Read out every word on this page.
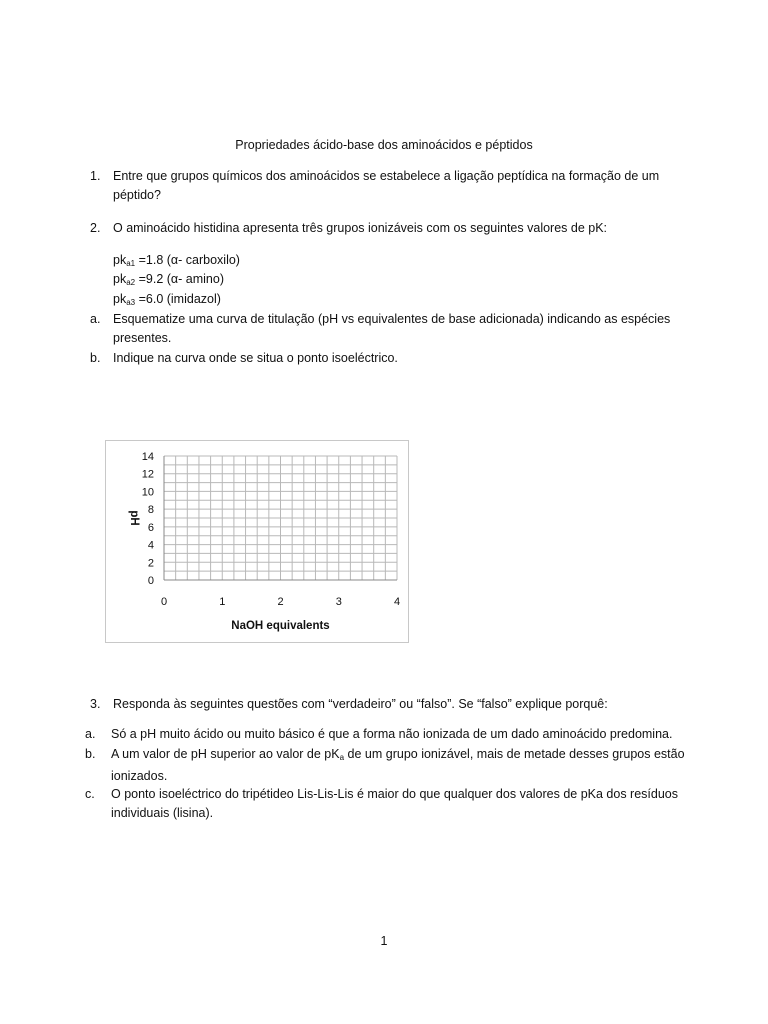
Propriedades ácido-base dos aminoácidos e péptidos
1.	Entre que grupos químicos dos aminoácidos se estabelece a ligação peptídica na formação de um péptido?
2.	O aminoácido histidina apresenta três grupos ionizáveis com os seguintes valores de pK:
$pk_{a1} =1.8$ (α- carboxilo)
$pk_{a2} =9.2$ (α- amino)
$pk_{a3} =6.0$ (imidazol)
a.	Esquematize uma curva de titulação (pH vs equivalentes de base adicionada) indicando as espécies presentes.
b.	Indique na curva onde se situa o ponto isoeléctrico.
0
2
4
6
8
10
12
14
0	1	2	3	4
NaOH equivalents
pH
3.	Responda às seguintes questões com “verdadeiro” ou “falso”. Se “falso” explique porquê:
a.	Só a pH muito ácido ou muito básico é que a forma não ionizada de um dado aminoácido predomina.
b.	A um valor de pH superior ao valor de $pK_a$ de um grupo ionizável, mais de metade desses grupos estão ionizados.
c.	O ponto isoeléctrico do tripétideo Lis-Lis-Lis é maior do que qualquer dos valores de pKa dos resíduos individuais (lisina).
1
